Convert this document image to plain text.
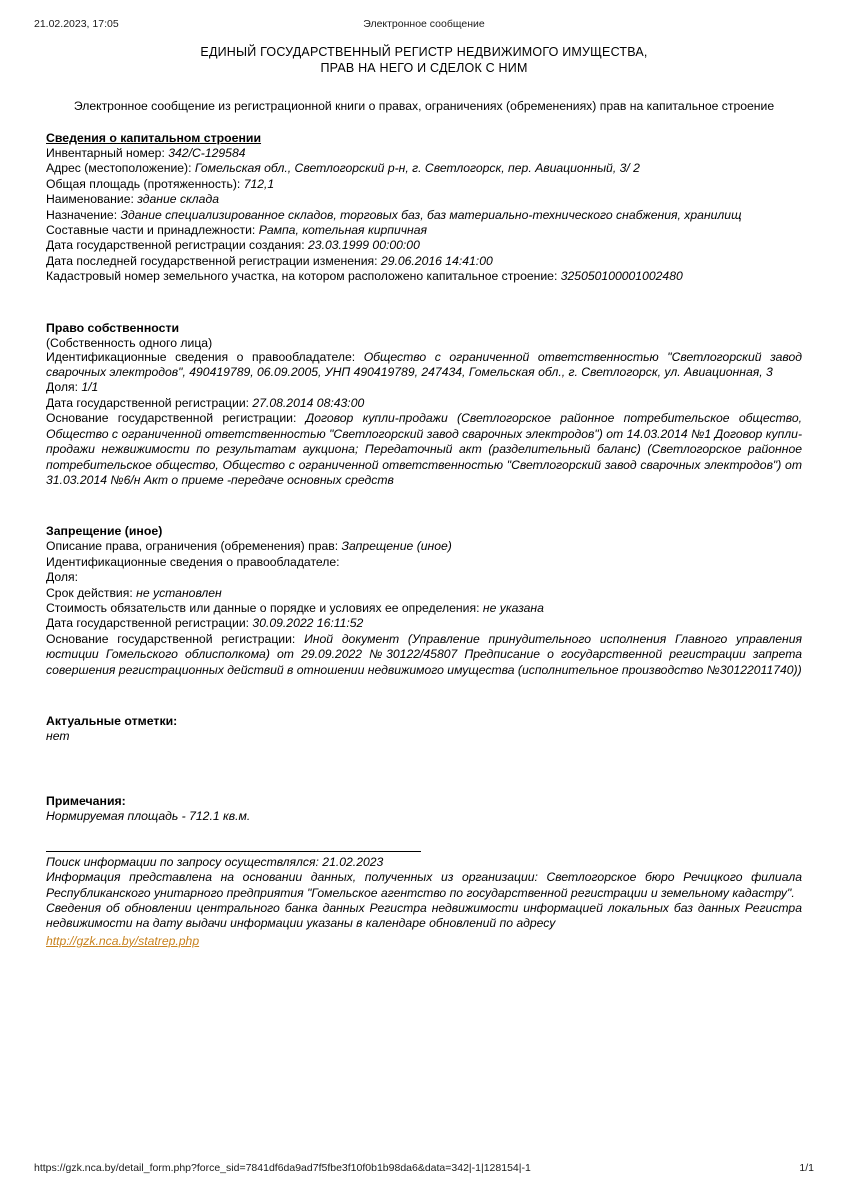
21.02.2023, 17:05	Электронное сообщение
ЕДИНЫЙ ГОСУДАРСТВЕННЫЙ РЕГИСТР НЕДВИЖИМОГО ИМУЩЕСТВА,
ПРАВ НА НЕГО И СДЕЛОК С НИМ
Электронное сообщение из регистрационной книги о правах, ограничениях (обременениях) прав на капитальное строение
Сведения о капитальном строении
Инвентарный номер: 342/С-129584
Адрес (местоположение): Гомельская обл., Светлогорский р-н, г. Светлогорск, пер. Авиационный, 3/ 2
Общая площадь (протяженность): 712,1
Наименование: здание склада
Назначение: Здание специализированное складов, торговых баз, баз материально-технического снабжения, хранилищ
Составные части и принадлежности: Рампа, котельная кирпичная
Дата государственной регистрации создания: 23.03.1999 00:00:00
Дата последней государственной регистрации изменения: 29.06.2016 14:41:00
Кадастровый номер земельного участка, на котором расположено капитальное строение: 325050100001002480
Право собственности
(Собственность одного лица)
Идентификационные сведения о правообладателе: Общество с ограниченной ответственностью "Светлогорский завод сварочных электродов", 490419789, 06.09.2005, УНП 490419789, 247434, Гомельская обл., г. Светлогорск, ул. Авиационная, 3
Доля: 1/1
Дата государственной регистрации: 27.08.2014 08:43:00
Основание государственной регистрации: Договор купли-продажи (Светлогорское районное потребительское общество, Общество с ограниченной ответственностью "Светлогорский завод сварочных электродов") от 14.03.2014 №1 Договор купли-продажи нежвижимости по результатам аукциона; Передаточный акт (разделительный баланс) (Светлогорское районное потребительское общество, Общество с ограниченной ответственностью "Светлогорский завод сварочных электродов") от 31.03.2014 №6/н Акт о приеме -передаче основных средств
Запрещение (иное)
Описание права, ограничения (обременения) прав: Запрещение (иное)
Идентификационные сведения о правообладателе:
Доля:
Срок действия: не установлен
Стоимость обязательств или данные о порядке и условиях ее определения: не указана
Дата государственной регистрации: 30.09.2022 16:11:52
Основание государственной регистрации: Иной документ (Управление принудительного исполнения Главного управления юстиции Гомельского облисполкома) от 29.09.2022 №30122/45807 Предписание о государственной регистрации запрета совершения регистрационных действий в отношении недвижимого имущества (исполнительное производство №30122011740))
Актуальные отметки:
нет
Примечания:
Нормируемая площадь - 712.1 кв.м.
Поиск информации по запросу осуществлялся: 21.02.2023
Информация представлена на основании данных, полученных из организации: Светлогорское бюро Речицкого филиала Республиканского унитарного предприятия "Гомельское агентство по государственной регистрации и земельному кадастру".
Сведения об обновлении центрального банка данных Регистра недвижимости информацией локальных баз данных Регистра недвижимости на дату выдачи информации указаны в календаре обновлений по адресу
http://gzk.nca.by/statrep.php
https://gzk.nca.by/detail_form.php?force_sid=7841df6da9ad7f5fbe3f10f0b1b98da6&data=342|-1|128154|-1	1/1
